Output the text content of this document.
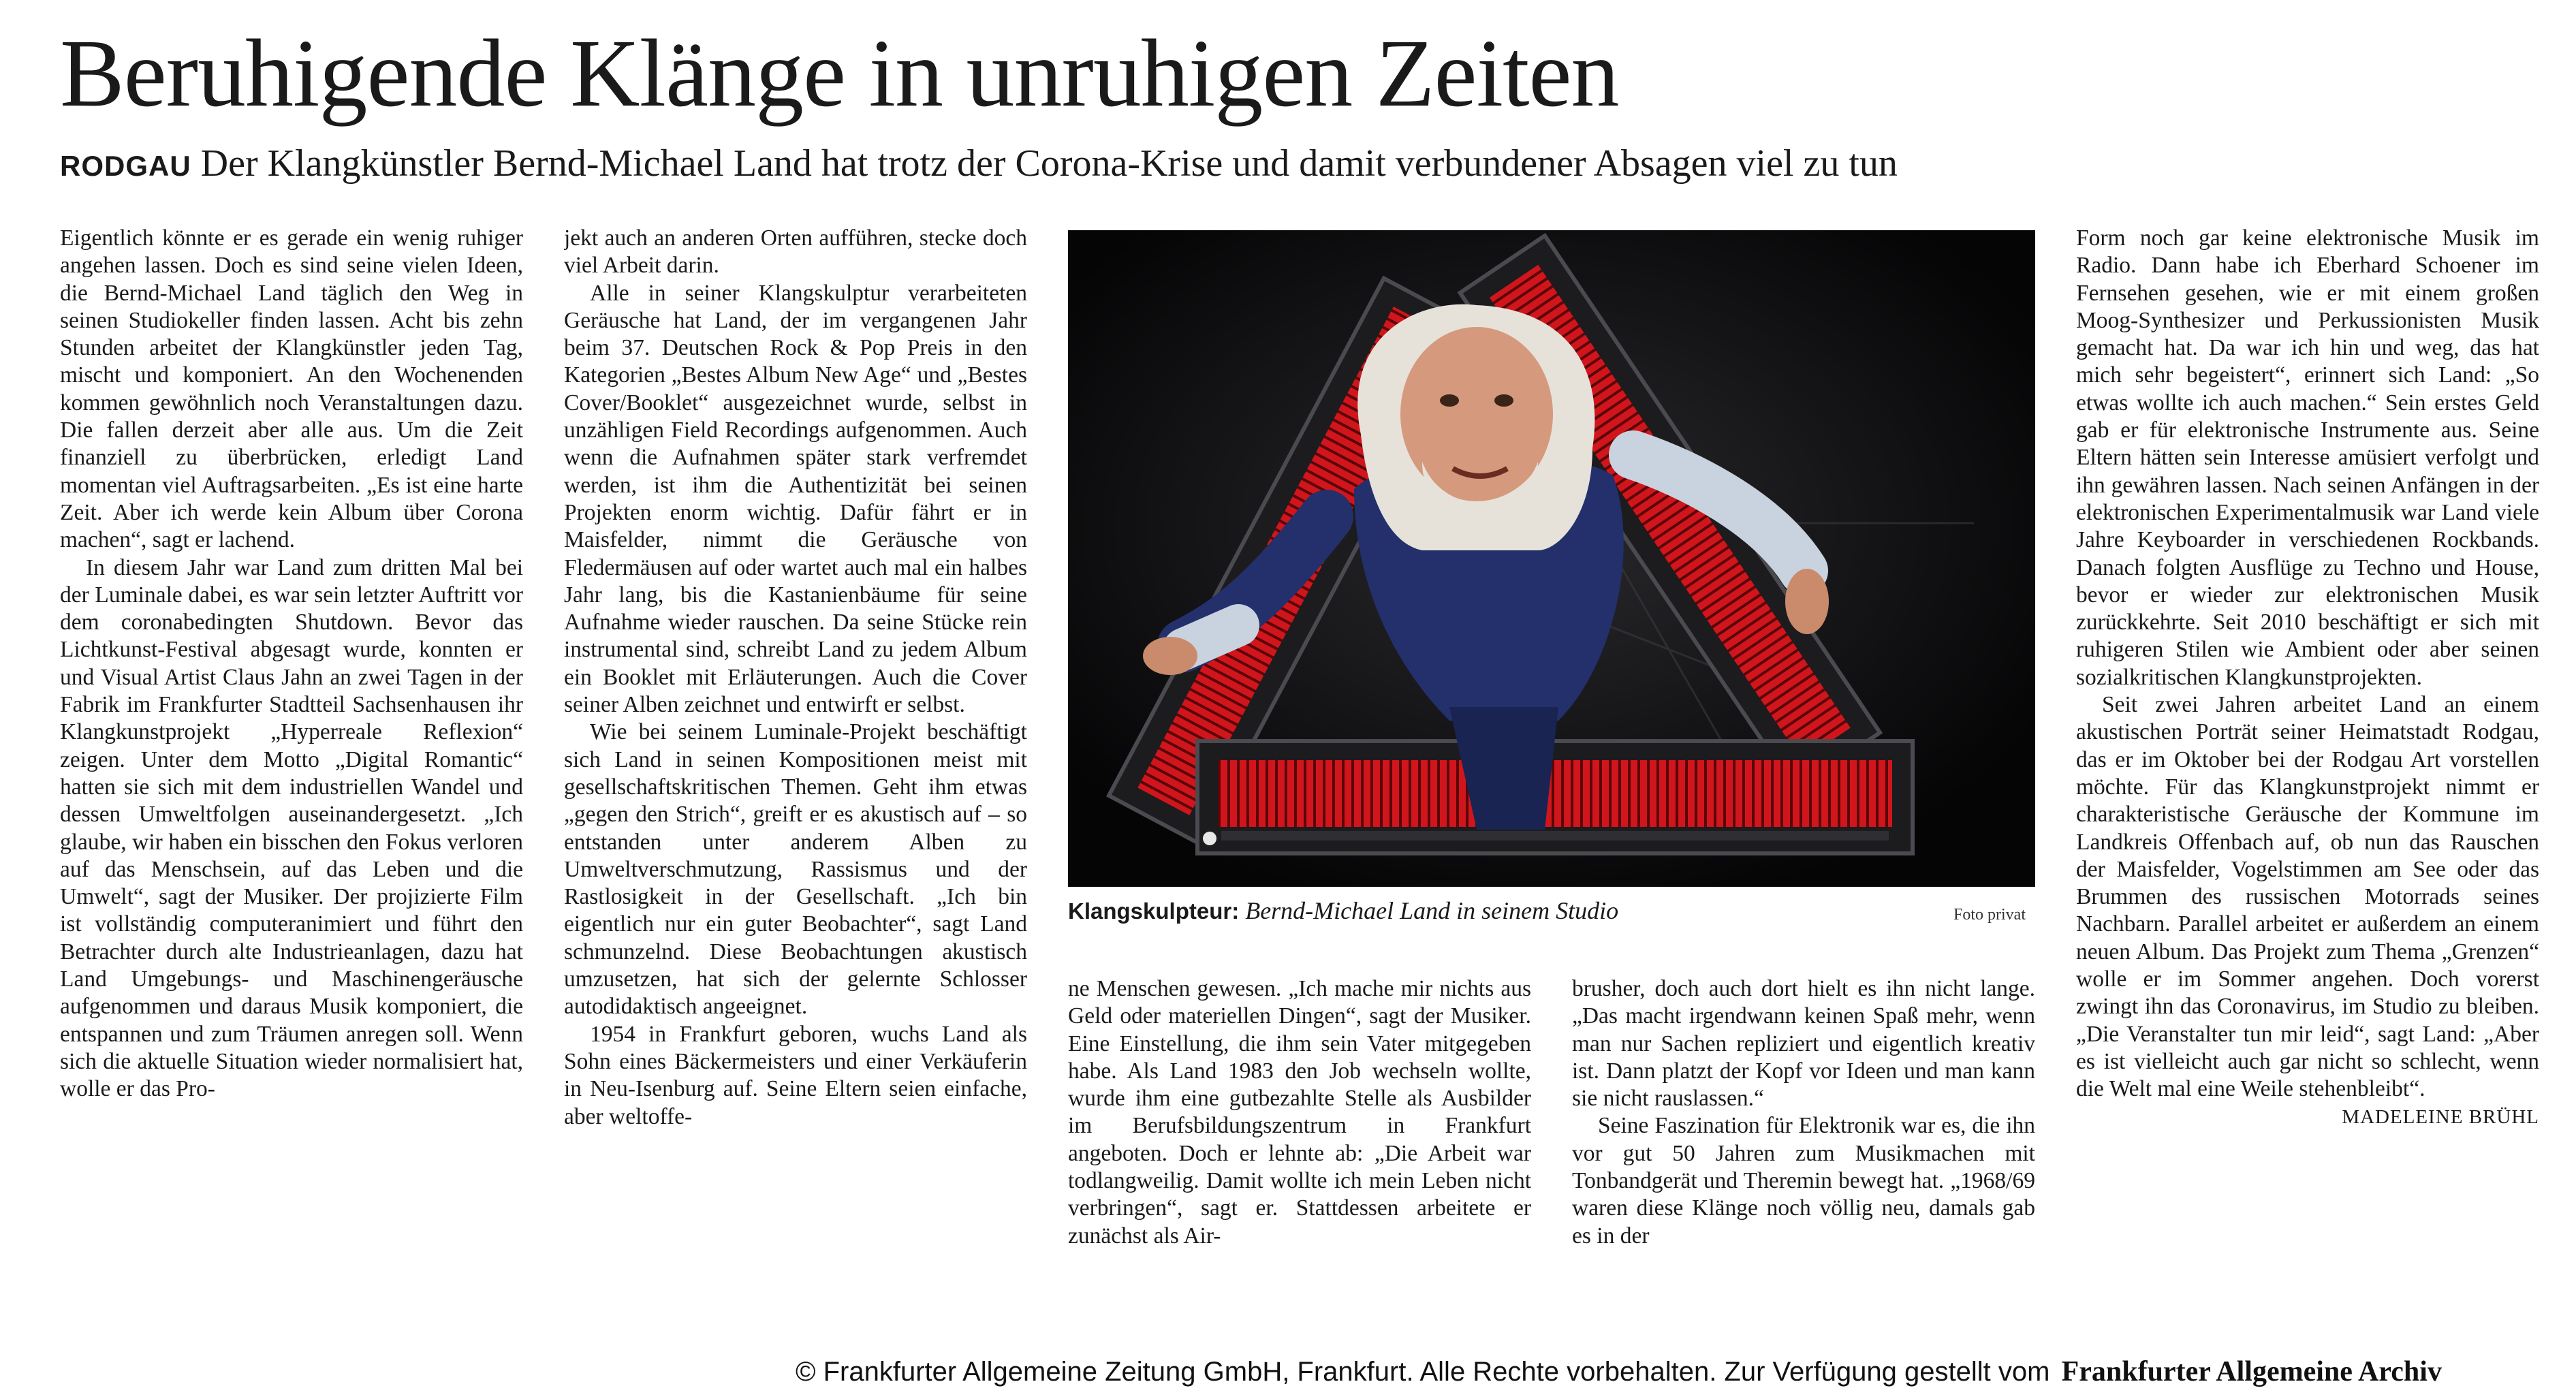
Beruhigende Klänge in unruhigen Zeiten
RODGAU Der Klangkünstler Bernd-Michael Land hat trotz der Corona-Krise und damit verbundener Absagen viel zu tun

Eigentlich könnte er es gerade ein wenig ruhiger angehen lassen. Doch es sind seine vielen Ideen, die Bernd-Michael Land täglich den Weg in seinen Studiokeller finden lassen. Acht bis zehn Stunden arbeitet der Klangkünstler jeden Tag, mischt und komponiert. An den Wochenenden kommen gewöhnlich noch Veranstaltungen dazu. Die fallen derzeit aber alle aus. Um die Zeit finanziell zu überbrücken, erledigt Land momentan viel Auftragsarbeiten. „Es ist eine harte Zeit. Aber ich werde kein Album über Corona machen“, sagt er lachend.

In diesem Jahr war Land zum dritten Mal bei der Luminale dabei, es war sein letzter Auftritt vor dem coronabedingten Shutdown. Bevor das Lichtkunst-Festival abgesagt wurde, konnten er und Visual Artist Claus Jahn an zwei Tagen in der Fabrik im Frankfurter Stadtteil Sachsenhausen ihr Klangkunstprojekt „Hyperreale Reflexion“ zeigen. Unter dem Motto „Digital Romantic“ hatten sie sich mit dem industriellen Wandel und dessen Umweltfolgen auseinandergesetzt. „Ich glaube, wir haben ein bisschen den Fokus verloren auf das Menschsein, auf das Leben und die Umwelt“, sagt der Musiker. Der projizierte Film ist vollständig computeranimiert und führt den Betrachter durch alte Industrieanlagen, dazu hat Land Umgebungs- und Maschinengeräusche aufgenommen und daraus Musik komponiert, die entspannen und zum Träumen anregen soll. Wenn sich die aktuelle Situation wieder normalisiert hat, wolle er das Pro-

jekt auch an anderen Orten aufführen, stecke doch viel Arbeit darin.

Alle in seiner Klangskulptur verarbeiteten Geräusche hat Land, der im vergangenen Jahr beim 37. Deutschen Rock & Pop Preis in den Kategorien „Bestes Album New Age“ und „Bestes Cover/Booklet“ ausgezeichnet wurde, selbst in unzähligen Field Recordings aufgenommen. Auch wenn die Aufnahmen später stark verfremdet werden, ist ihm die Authentizität bei seinen Projekten enorm wichtig. Dafür fährt er in Maisfelder, nimmt die Geräusche von Fledermäusen auf oder wartet auch mal ein halbes Jahr lang, bis die Kastanienbäume für seine Aufnahme wieder rauschen. Da seine Stücke rein instrumental sind, schreibt Land zu jedem Album ein Booklet mit Erläuterungen. Auch die Cover seiner Alben zeichnet und entwirft er selbst.

Wie bei seinem Luminale-Projekt beschäftigt sich Land in seinen Kompositionen meist mit gesellschaftskritischen Themen. Geht ihm etwas „gegen den Strich“, greift er es akustisch auf – so entstanden unter anderem Alben zu Umweltverschmutzung, Rassismus und der Rastlosigkeit in der Gesellschaft. „Ich bin eigentlich nur ein guter Beobachter“, sagt Land schmunzelnd. Diese Beobachtungen akustisch umzusetzen, hat sich der gelernte Schlosser autodidaktisch angeeignet.

1954 in Frankfurt geboren, wuchs Land als Sohn eines Bäckermeisters und einer Verkäuferin in Neu-Isenburg auf. Seine Eltern seien einfache, aber weltoffe-

Klangskulpteur: Bernd-Michael Land in seinem Studio	Foto privat

ne Menschen gewesen. „Ich mache mir nichts aus Geld oder materiellen Dingen“, sagt der Musiker. Eine Einstellung, die ihm sein Vater mitgegeben habe. Als Land 1983 den Job wechseln wollte, wurde ihm eine gutbezahlte Stelle als Ausbilder im Berufsbildungszentrum in Frankfurt angeboten. Doch er lehnte ab: „Die Arbeit war todlangweilig. Damit wollte ich mein Leben nicht verbringen“, sagt er. Stattdessen arbeitete er zunächst als Air-

brusher, doch auch dort hielt es ihn nicht lange. „Das macht irgendwann keinen Spaß mehr, wenn man nur Sachen repliziert und eigentlich kreativ ist. Dann platzt der Kopf vor Ideen und man kann sie nicht rauslassen.“

Seine Faszination für Elektronik war es, die ihn vor gut 50 Jahren zum Musikmachen mit Tonbandgerät und Theremin bewegt hat. „1968/69 waren diese Klänge noch völlig neu, damals gab es in der

Form noch gar keine elektronische Musik im Radio. Dann habe ich Eberhard Schoener im Fernsehen gesehen, wie er mit einem großen Moog-Synthesizer und Perkussionisten Musik gemacht hat. Da war ich hin und weg, das hat mich sehr begeistert“, erinnert sich Land: „So etwas wollte ich auch machen.“ Sein erstes Geld gab er für elektronische Instrumente aus. Seine Eltern hätten sein Interesse amüsiert verfolgt und ihn gewähren lassen. Nach seinen Anfängen in der elektronischen Experimentalmusik war Land viele Jahre Keyboarder in verschiedenen Rockbands. Danach folgten Ausflüge zu Techno und House, bevor er wieder zur elektronischen Musik zurückkehrte. Seit 2010 beschäftigt er sich mit ruhigeren Stilen wie Ambient oder aber seinen sozialkritischen Klangkunstprojekten.

Seit zwei Jahren arbeitet Land an einem akustischen Porträt seiner Heimatstadt Rodgau, das er im Oktober bei der Rodgau Art vorstellen möchte. Für das Klangkunstprojekt nimmt er charakteristische Geräusche der Kommune im Landkreis Offenbach auf, ob nun das Rauschen der Maisfelder, Vogelstimmen am See oder das Brummen des russischen Motorrads seines Nachbarn. Parallel arbeitet er außerdem an einem neuen Album. Das Projekt zum Thema „Grenzen“ wolle er im Sommer angehen. Doch vorerst zwingt ihn das Coronavirus, im Studio zu bleiben. „Die Veranstalter tun mir leid“, sagt Land: „Aber es ist vielleicht auch gar nicht so schlecht, wenn die Welt mal eine Weile stehenbleibt“.

MADELEINE BRÜHL
© Frankfurter Allgemeine Zeitung GmbH, Frankfurt. Alle Rechte vorbehalten. Zur Verfügung gestellt vom Frankfurter Allgemeine Archiv
